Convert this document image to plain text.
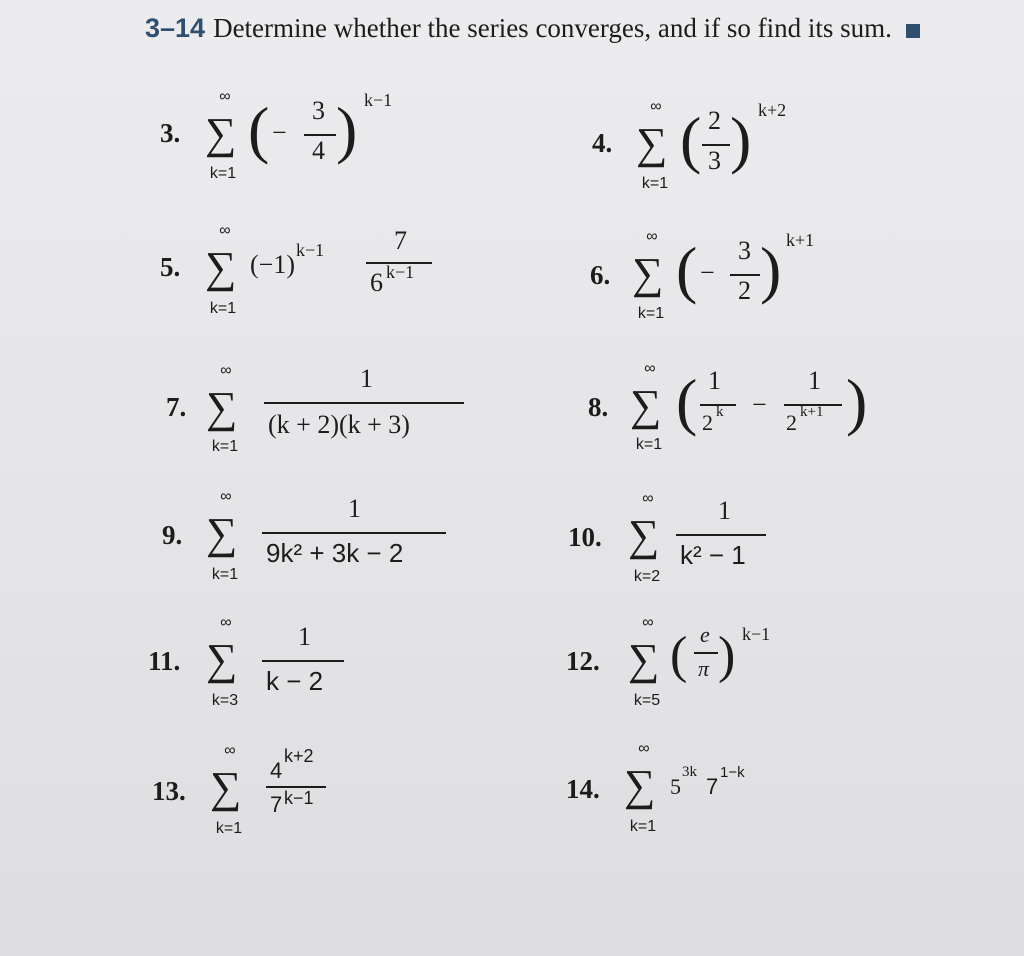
3–14 Determine whether the series converges, and if so find its sum.
3.
∞
∑
k=1
( −
3
4 ) k−1
4.
∞
∑
k=1
( 2
3 ) k+2
5.
∞
∑
k=1
(−1) k−1	7
6 k−1	6.
∞
∑
k=1
( −
3
2 ) k+1
7.
∞
∑
k=1
1
(k + 2)(k + 3)
8.
∞
∑
k=1
( 1
2 k −
1
2 k+1 )
9.
∞
∑
k=1
1
9k² + 3k − 2
10.
∞
∑
k=2
1
k² − 1
11.
∞
∑
k=3
1
k − 2
12.
∞
∑
k=5
( e
π ) k−1
13.
∞
∑
k=1
4
k+2
7 k−1	14.
∞
∑
k=1
5
3k
7
1−k
